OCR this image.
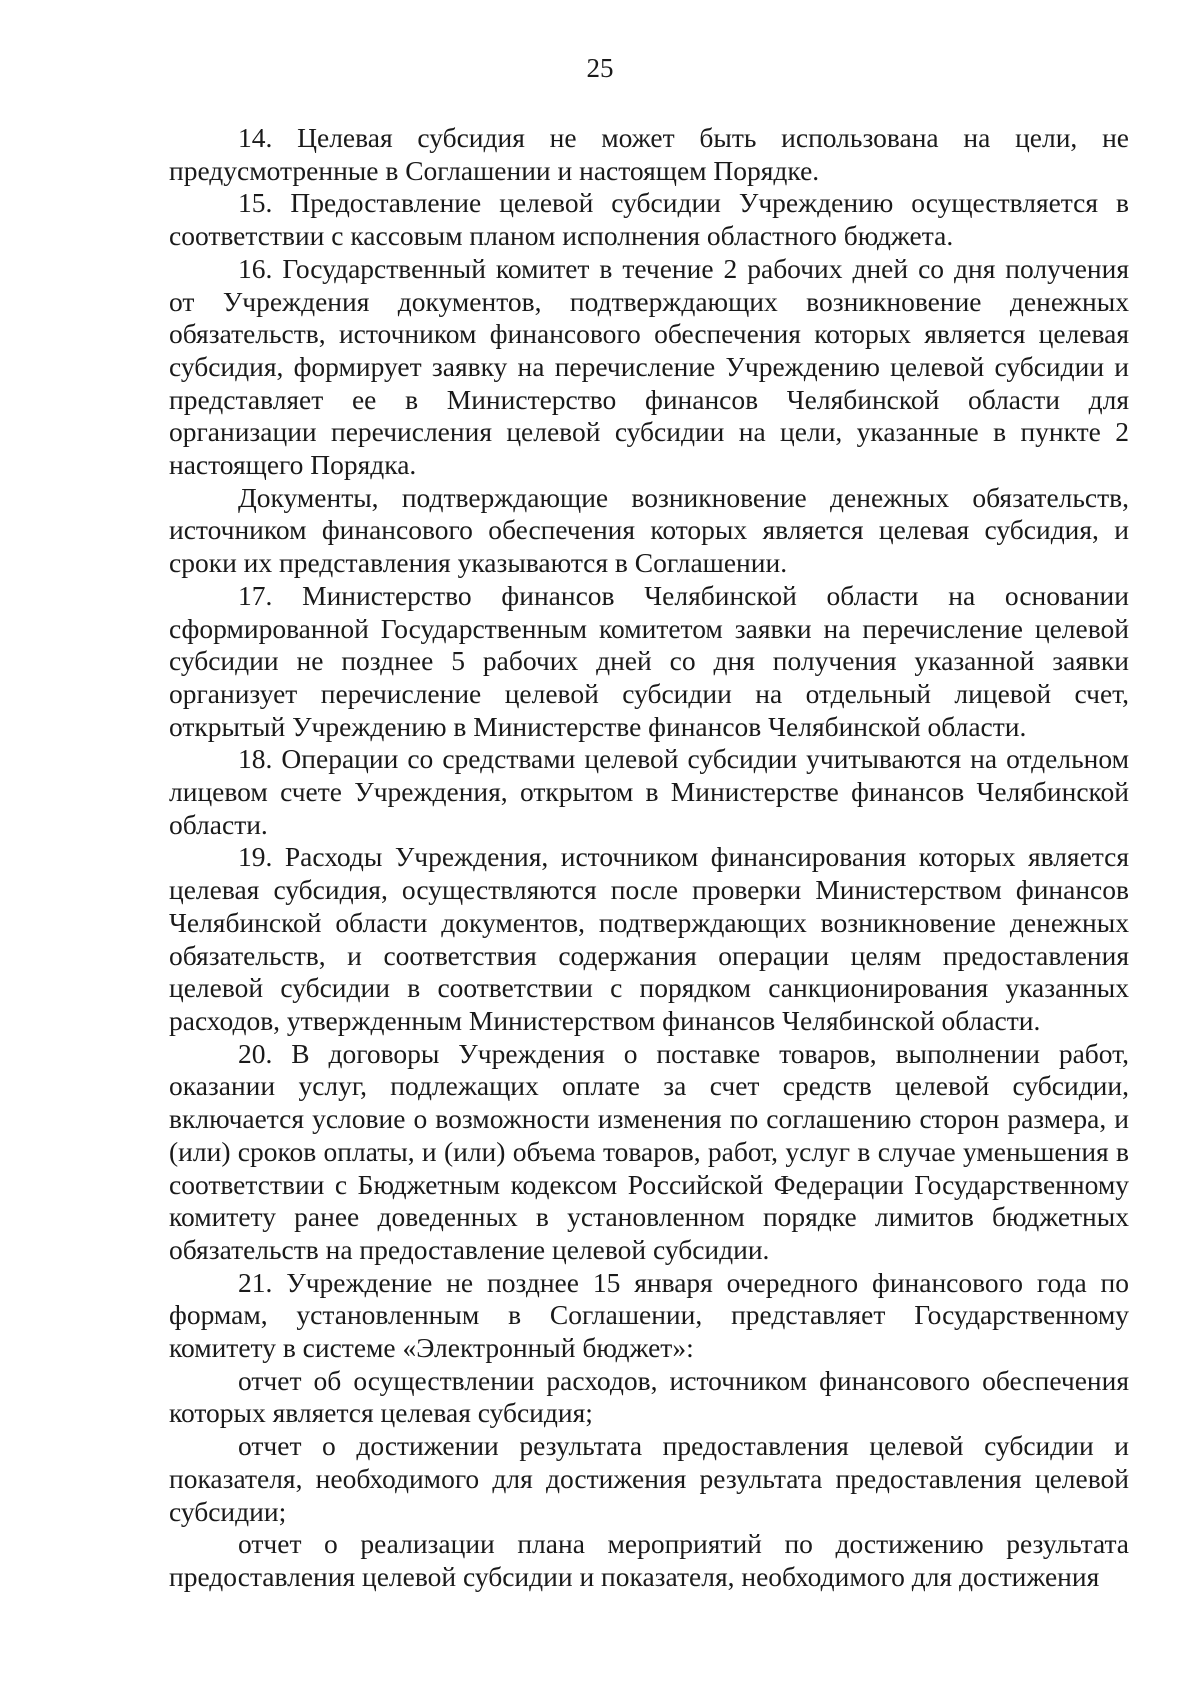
25

14. Целевая субсидия не может быть использована на цели, не предусмотренные в Соглашении и настоящем Порядке.

15. Предоставление целевой субсидии Учреждению осуществляется в соответствии с кассовым планом исполнения областного бюджета.

16. Государственный комитет в течение 2 рабочих дней со дня получения от Учреждения документов, подтверждающих возникновение денежных обязательств, источником финансового обеспечения которых является целевая субсидия, формирует заявку на перечисление Учреждению целевой субсидии и представляет ее в Министерство финансов Челябинской области для организации перечисления целевой субсидии на цели, указанные в пункте 2 настоящего Порядка.

Документы, подтверждающие возникновение денежных обязательств, источником финансового обеспечения которых является целевая субсидия, и сроки их представления указываются в Соглашении.

17. Министерство финансов Челябинской области на основании сформированной Государственным комитетом заявки на перечисление целевой субсидии не позднее 5 рабочих дней со дня получения указанной заявки организует перечисление целевой субсидии на отдельный лицевой счет, открытый Учреждению в Министерстве финансов Челябинской области.

18. Операции со средствами целевой субсидии учитываются на отдельном лицевом счете Учреждения, открытом в Министерстве финансов Челябинской области.

19. Расходы Учреждения, источником финансирования которых является целевая субсидия, осуществляются после проверки Министерством финансов Челябинской области документов, подтверждающих возникновение денежных обязательств, и соответствия содержания операции целям предоставления целевой субсидии в соответствии с порядком санкционирования указанных расходов, утвержденным Министерством финансов Челябинской области.

20. В договоры Учреждения о поставке товаров, выполнении работ, оказании услуг, подлежащих оплате за счет средств целевой субсидии, включается условие о возможности изменения по соглашению сторон размера, и (или) сроков оплаты, и (или) объема товаров, работ, услуг в случае уменьшения в соответствии с Бюджетным кодексом Российской Федерации Государственному комитету ранее доведенных в установленном порядке лимитов бюджетных обязательств на предоставление целевой субсидии.

21. Учреждение не позднее 15 января очередного финансового года по формам, установленным в Соглашении, представляет Государственному комитету в системе «Электронный бюджет»:

отчет об осуществлении расходов, источником финансового обеспечения которых является целевая субсидия;

отчет о достижении результата предоставления целевой субсидии и показателя, необходимого для достижения результата предоставления целевой субсидии;

отчет о реализации плана мероприятий по достижению результата предоставления целевой субсидии и показателя, необходимого для достижения
